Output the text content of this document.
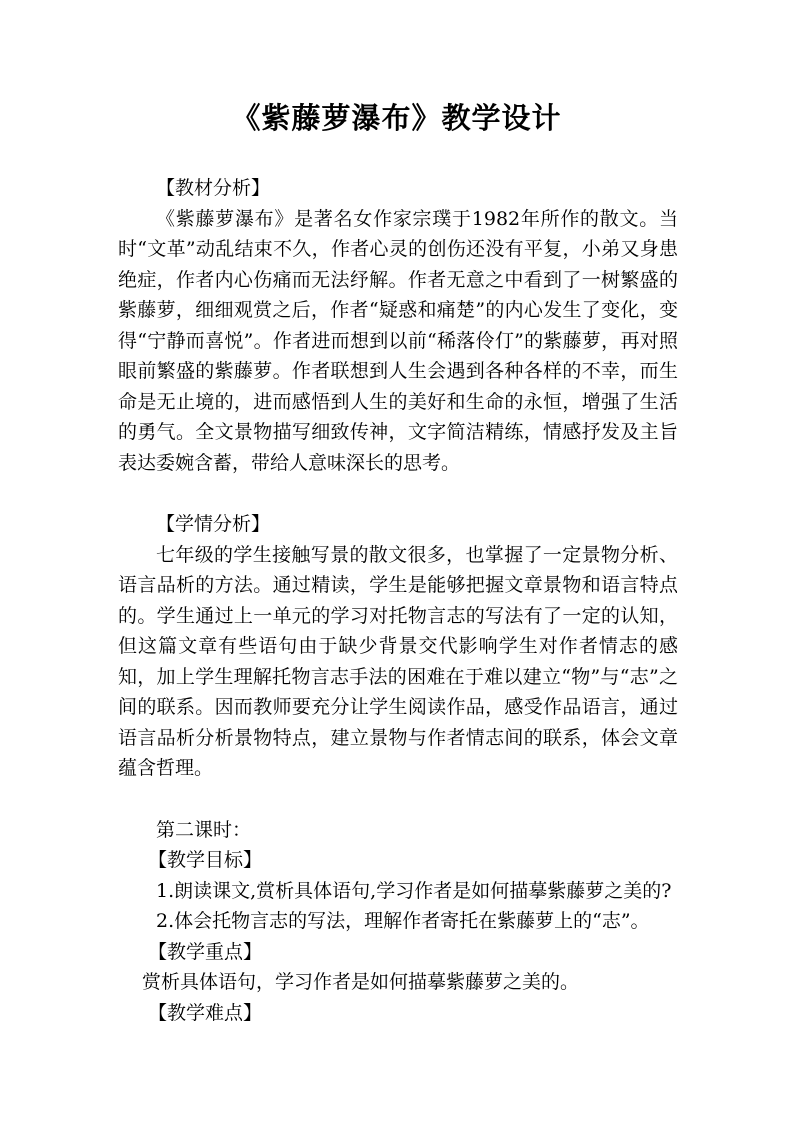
《紫藤萝瀑布》教学设计

【教材分析】

《紫藤萝瀑布》是著名女作家宗璞于1982年所作的散文。当时“文革”动乱结束不久，作者心灵的创伤还没有平复，小弟又身患绝症，作者内心伤痛而无法纾解。作者无意之中看到了一树繁盛的紫藤萝，细细观赏之后，作者“疑惑和痛楚”的内心发生了变化，变得“宁静而喜悦”。作者进而想到以前“稀落伶仃”的紫藤萝，再对照眼前繁盛的紫藤萝。作者联想到人生会遇到各种各样的不幸，而生命是无止境的，进而感悟到人生的美好和生命的永恒，增强了生活的勇气。全文景物描写细致传神，文字简洁精练，情感抒发及主旨表达委婉含蓄，带给人意味深长的思考。

【学情分析】

七年级的学生接触写景的散文很多，也掌握了一定景物分析、语言品析的方法。通过精读，学生是能够把握文章景物和语言特点的。学生通过上一单元的学习对托物言志的写法有了一定的认知，但这篇文章有些语句由于缺少背景交代影响学生对作者情志的感知，加上学生理解托物言志手法的困难在于难以建立“物”与“志”之间的联系。因而教师要充分让学生阅读作品，感受作品语言，通过语言品析分析景物特点，建立景物与作者情志间的联系，体会文章蕴含哲理。

第二课时：

【教学目标】

1.朗读课文,赏析具体语句,学习作者是如何描摹紫藤萝之美的?

2.体会托物言志的写法，理解作者寄托在紫藤萝上的“志”。

【教学重点】

赏析具体语句，学习作者是如何描摹紫藤萝之美的。

【教学难点】
